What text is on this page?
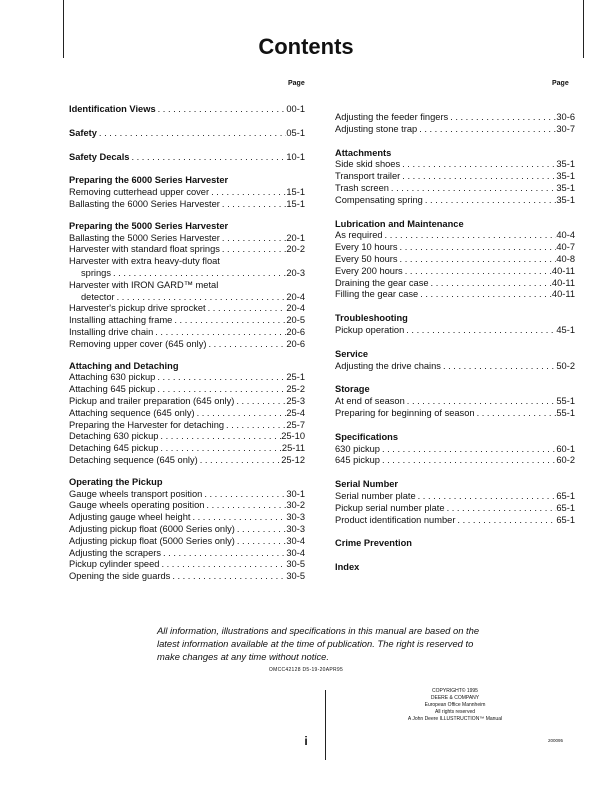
Contents
Page	Page
Identification Views . . .	00-1
Safety . . .	05-1
Safety Decals . . .	10-1
Preparing the 6000 Series Harvester
Removing cutterhead upper cover . . .	15-1
Ballasting the 6000 Series Harvester . . .	15-1
Preparing the 5000 Series Harvester
Ballasting the 5000 Series Harvester . . .	20-1
Harvester with standard float springs . . .	20-2
Harvester with extra heavy-duty float
springs . . .	20-3
Harvester with IRON GARD™ metal
detector . . .	20-4
Harvester's pickup drive sprocket . . .	20-4
Installing attaching frame . . .	20-5
Installing drive chain . . .	20-6
Removing upper cover (645 only) . . .	20-6
Attaching and Detaching
Attaching 630 pickup . . .	25-1
Attaching 645 pickup . . .	25-2
Pickup and trailer preparation (645 only) . . .	25-3
Attaching sequence (645 only) . . .	25-4
Preparing the Harvester for detaching . . .	25-7
Detaching 630 pickup . . .	25-10
Detaching 645 pickup . . .	25-11
Detaching sequence (645 only) . . .	25-12
Operating the Pickup
Gauge wheels transport position . . .	30-1
Gauge wheels operating position . . .	30-2
Adjusting gauge wheel height . . .	30-3
Adjusting pickup float (6000 Series only) . . .	30-3
Adjusting pickup float (5000 Series only) . . .	30-4
Adjusting the scrapers . . .	30-4
Pickup cylinder speed . . .	30-5
Opening the side guards . . .	30-5
Adjusting the feeder fingers . . .	30-6
Adjusting stone trap . . .	30-7
Attachments
Side skid shoes . . .	35-1
Transport trailer . . .	35-1
Trash screen . . .	35-1
Compensating spring . . .	35-1
Lubrication and Maintenance
As required . . .	40-4
Every 10 hours . . .	40-7
Every 50 hours . . .	40-8
Every 200 hours . . .	40-11
Draining the gear case . . .	40-11
Filling the gear case . . .	40-11
Troubleshooting
Pickup operation . . .	45-1
Service
Adjusting the drive chains . . .	50-2
Storage
At end of season . . .	55-1
Preparing for beginning of season . . .	55-1
Specifications
630 pickup . . .	60-1
645 pickup . . .	60-2
Serial Number
Serial number plate . . .	65-1
Pickup serial number plate . . .	65-1
Product identification number . . .	65-1
Crime Prevention
Index
All information, illustrations and specifications in this manual are based on the latest information available at the time of publication. The right is reserved to make changes at any time without notice.
OMCC42128 D5-19-20APR95
COPYRIGHT© 1995
DEERE & COMPANY
European Office Mannheim
All rights reserved
A John Deere ILLUSTRUCTION™ Manual
i	200095
